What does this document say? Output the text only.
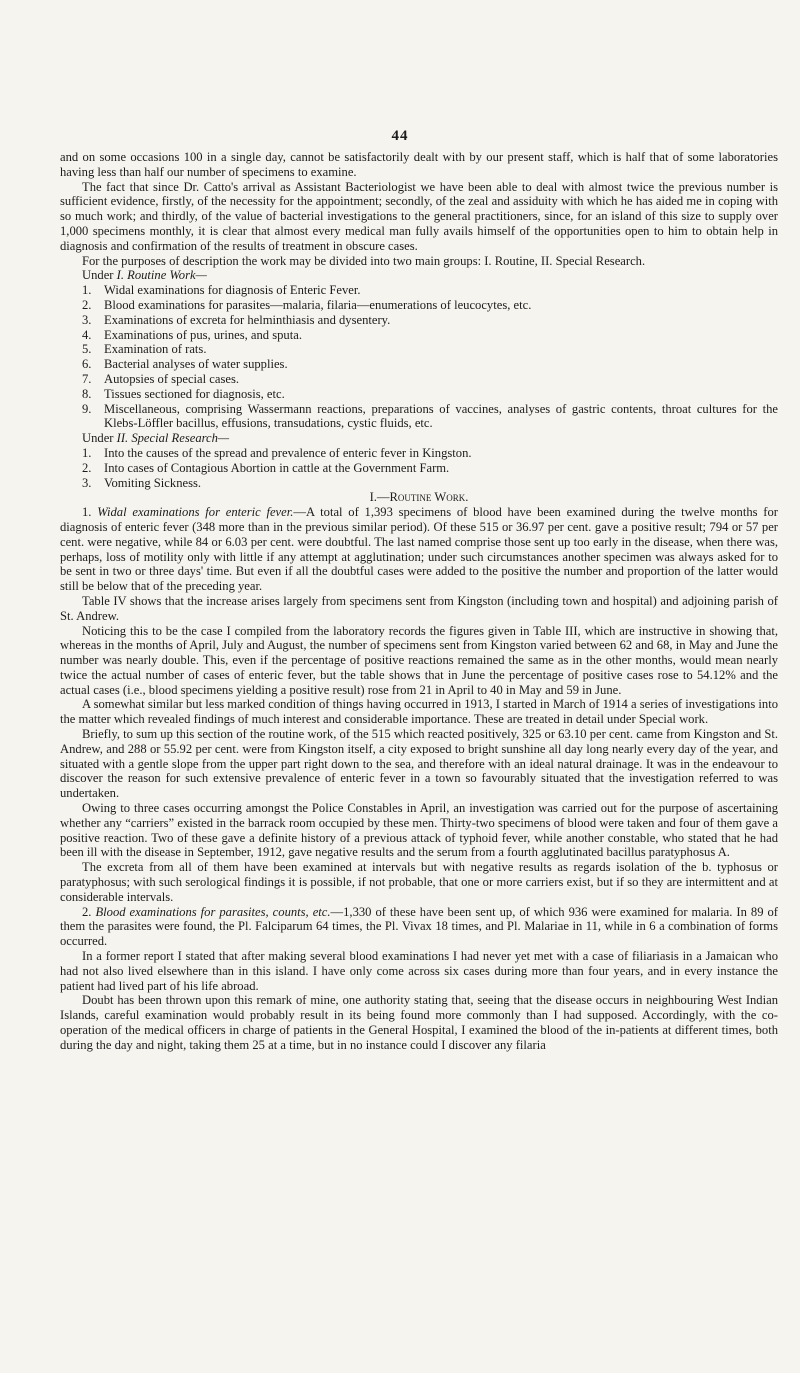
44

and on some occasions 100 in a single day, cannot be satisfactorily dealt with by our present staff, which is half that of some laboratories having less than half our number of specimens to examine.

The fact that since Dr. Catto's arrival as Assistant Bacteriologist we have been able to deal with almost twice the previous number is sufficient evidence, firstly, of the necessity for the appointment; secondly, of the zeal and assiduity with which he has aided me in coping with so much work; and thirdly, of the value of bacterial investigations to the general practitioners, since, for an island of this size to supply over 1,000 specimens monthly, it is clear that almost every medical man fully avails himself of the opportunities open to him to obtain help in diagnosis and confirmation of the results of treatment in obscure cases.

For the purposes of description the work may be divided into two main groups: I. Routine, II. Special Research.

Under I. Routine Work—

1. Widal examinations for diagnosis of Enteric Fever.
2. Blood examinations for parasites—malaria, filaria—enumerations of leucocytes, etc.
3. Examinations of excreta for helminthiasis and dysentery.
4. Examinations of pus, urines, and sputa.
5. Examination of rats.
6. Bacterial analyses of water supplies.
7. Autopsies of special cases.
8. Tissues sectioned for diagnosis, etc.
9. Miscellaneous, comprising Wassermann reactions, preparations of vaccines, analyses of gastric contents, throat cultures for the Klebs-Löffler bacillus, effusions, transudations, cystic fluids, etc.

Under II. Special Research—

1. Into the causes of the spread and prevalence of enteric fever in Kingston.
2. Into cases of Contagious Abortion in cattle at the Government Farm.
3. Vomiting Sickness.

I.—Routine Work.

1. Widal examinations for enteric fever.—A total of 1,393 specimens of blood have been examined during the twelve months for diagnosis of enteric fever (348 more than in the previous similar period). Of these 515 or 36.97 per cent. gave a positive result; 794 or 57 per cent. were negative, while 84 or 6.03 per cent. were doubtful. The last named comprise those sent up too early in the disease, when there was, perhaps, loss of motility only with little if any attempt at agglutination; under such circumstances another specimen was always asked for to be sent in two or three days' time. But even if all the doubtful cases were added to the positive the number and proportion of the latter would still be below that of the preceding year.

Table IV shows that the increase arises largely from specimens sent from Kingston (including town and hospital) and adjoining parish of St. Andrew.

Noticing this to be the case I compiled from the laboratory records the figures given in Table III, which are instructive in showing that, whereas in the months of April, July and August, the number of specimens sent from Kingston varied between 62 and 68, in May and June the number was nearly double. This, even if the percentage of positive reactions remained the same as in the other months, would mean nearly twice the actual number of cases of enteric fever, but the table shows that in June the percentage of positive cases rose to 54.12% and the actual cases (i.e., blood specimens yielding a positive result) rose from 21 in April to 40 in May and 59 in June.

A somewhat similar but less marked condition of things having occurred in 1913, I started in March of 1914 a series of investigations into the matter which revealed findings of much interest and considerable importance. These are treated in detail under Special work.

Briefly, to sum up this section of the routine work, of the 515 which reacted positively, 325 or 63.10 per cent. came from Kingston and St. Andrew, and 288 or 55.92 per cent. were from Kingston itself, a city exposed to bright sunshine all day long nearly every day of the year, and situated with a gentle slope from the upper part right down to the sea, and therefore with an ideal natural drainage. It was in the endeavour to discover the reason for such extensive prevalence of enteric fever in a town so favourably situated that the investigation referred to was undertaken.

Owing to three cases occurring amongst the Police Constables in April, an investigation was carried out for the purpose of ascertaining whether any “carriers” existed in the barrack room occupied by these men. Thirty-two specimens of blood were taken and four of them gave a positive reaction. Two of these gave a definite history of a previous attack of typhoid fever, while another constable, who stated that he had been ill with the disease in September, 1912, gave negative results and the serum from a fourth agglutinated bacillus paratyphosus A.

The excreta from all of them have been examined at intervals but with negative results as regards isolation of the b. typhosus or paratyphosus; with such serological findings it is possible, if not probable, that one or more carriers exist, but if so they are intermittent and at considerable intervals.

2. Blood examinations for parasites, counts, etc.—1,330 of these have been sent up, of which 936 were examined for malaria. In 89 of them the parasites were found, the Pl. Falciparum 64 times, the Pl. Vivax 18 times, and Pl. Malariae in 11, while in 6 a combination of forms occurred.

In a former report I stated that after making several blood examinations I had never yet met with a case of filiariasis in a Jamaican who had not also lived elsewhere than in this island. I have only come across six cases during more than four years, and in every instance the patient had lived part of his life abroad.

Doubt has been thrown upon this remark of mine, one authority stating that, seeing that the disease occurs in neighbouring West Indian Islands, careful examination would probably result in its being found more commonly than I had supposed. Accordingly, with the co-operation of the medical officers in charge of patients in the General Hospital, I examined the blood of the in-patients at different times, both during the day and night, taking them 25 at a time, but in no instance could I discover any filaria
